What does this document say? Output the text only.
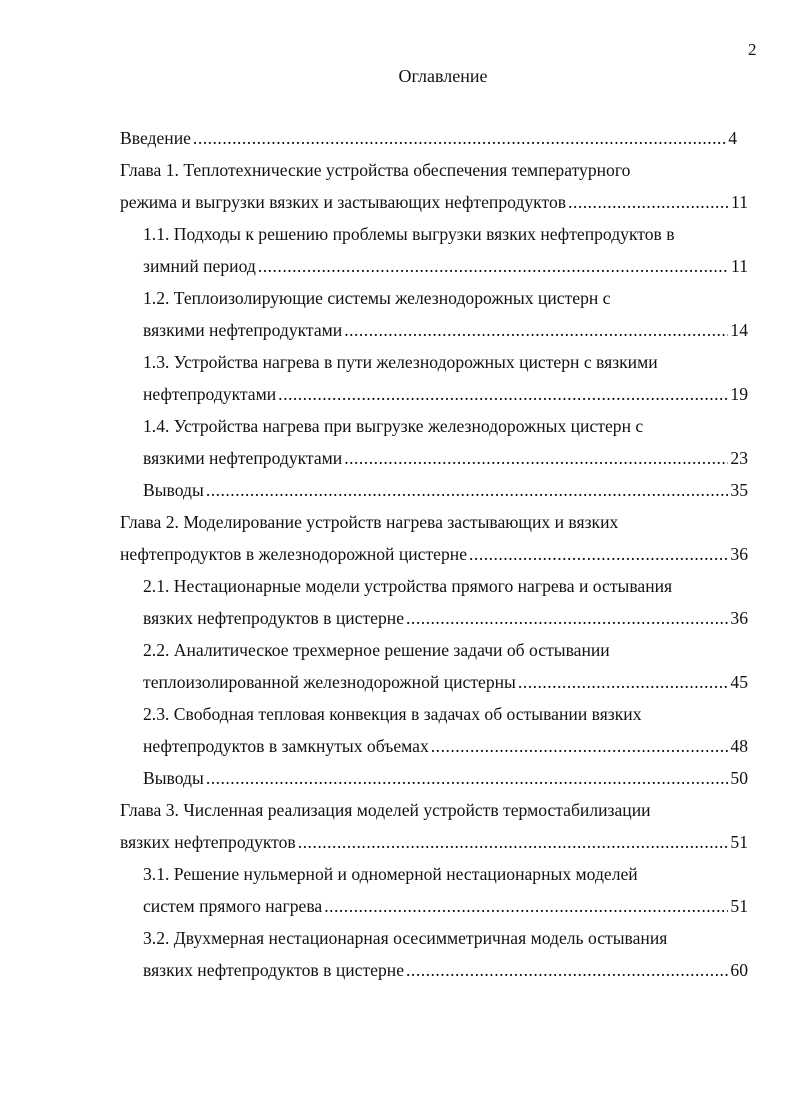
2
Оглавление
Введение .....	4
Глава 1. Теплотехнические устройства обеспечения температурного
режима и выгрузки вязких и застывающих нефтепродуктов .....	11
1.1. Подходы к решению проблемы выгрузки вязких нефтепродуктов в
зимний период .....	11
1.2. Теплоизолирующие системы железнодорожных цистерн с
вязкими нефтепродуктами .....	14
1.3. Устройства нагрева в пути железнодорожных цистерн с вязкими
нефтепродуктами .....	19
1.4. Устройства нагрева при выгрузке железнодорожных цистерн с
вязкими нефтепродуктами .....	23
Выводы .....	35
Глава 2. Моделирование устройств нагрева застывающих и вязких
нефтепродуктов в железнодорожной цистерне .....	36
2.1. Нестационарные модели устройства прямого нагрева и остывания
вязких нефтепродуктов в цистерне .....	36
2.2. Аналитическое трехмерное решение задачи об остывании
теплоизолированной железнодорожной цистерны .....	45
2.3. Свободная тепловая конвекция в задачах об остывании вязких
нефтепродуктов в замкнутых объемах .....	48
Выводы .....	50
Глава 3. Численная реализация моделей устройств термостабилизации
вязких нефтепродуктов .....	51
3.1. Решение нульмерной и одномерной нестационарных моделей
систем прямого нагрева .....	51
3.2. Двухмерная нестационарная осесимметричная модель остывания
вязких нефтепродуктов в цистерне .....	60
